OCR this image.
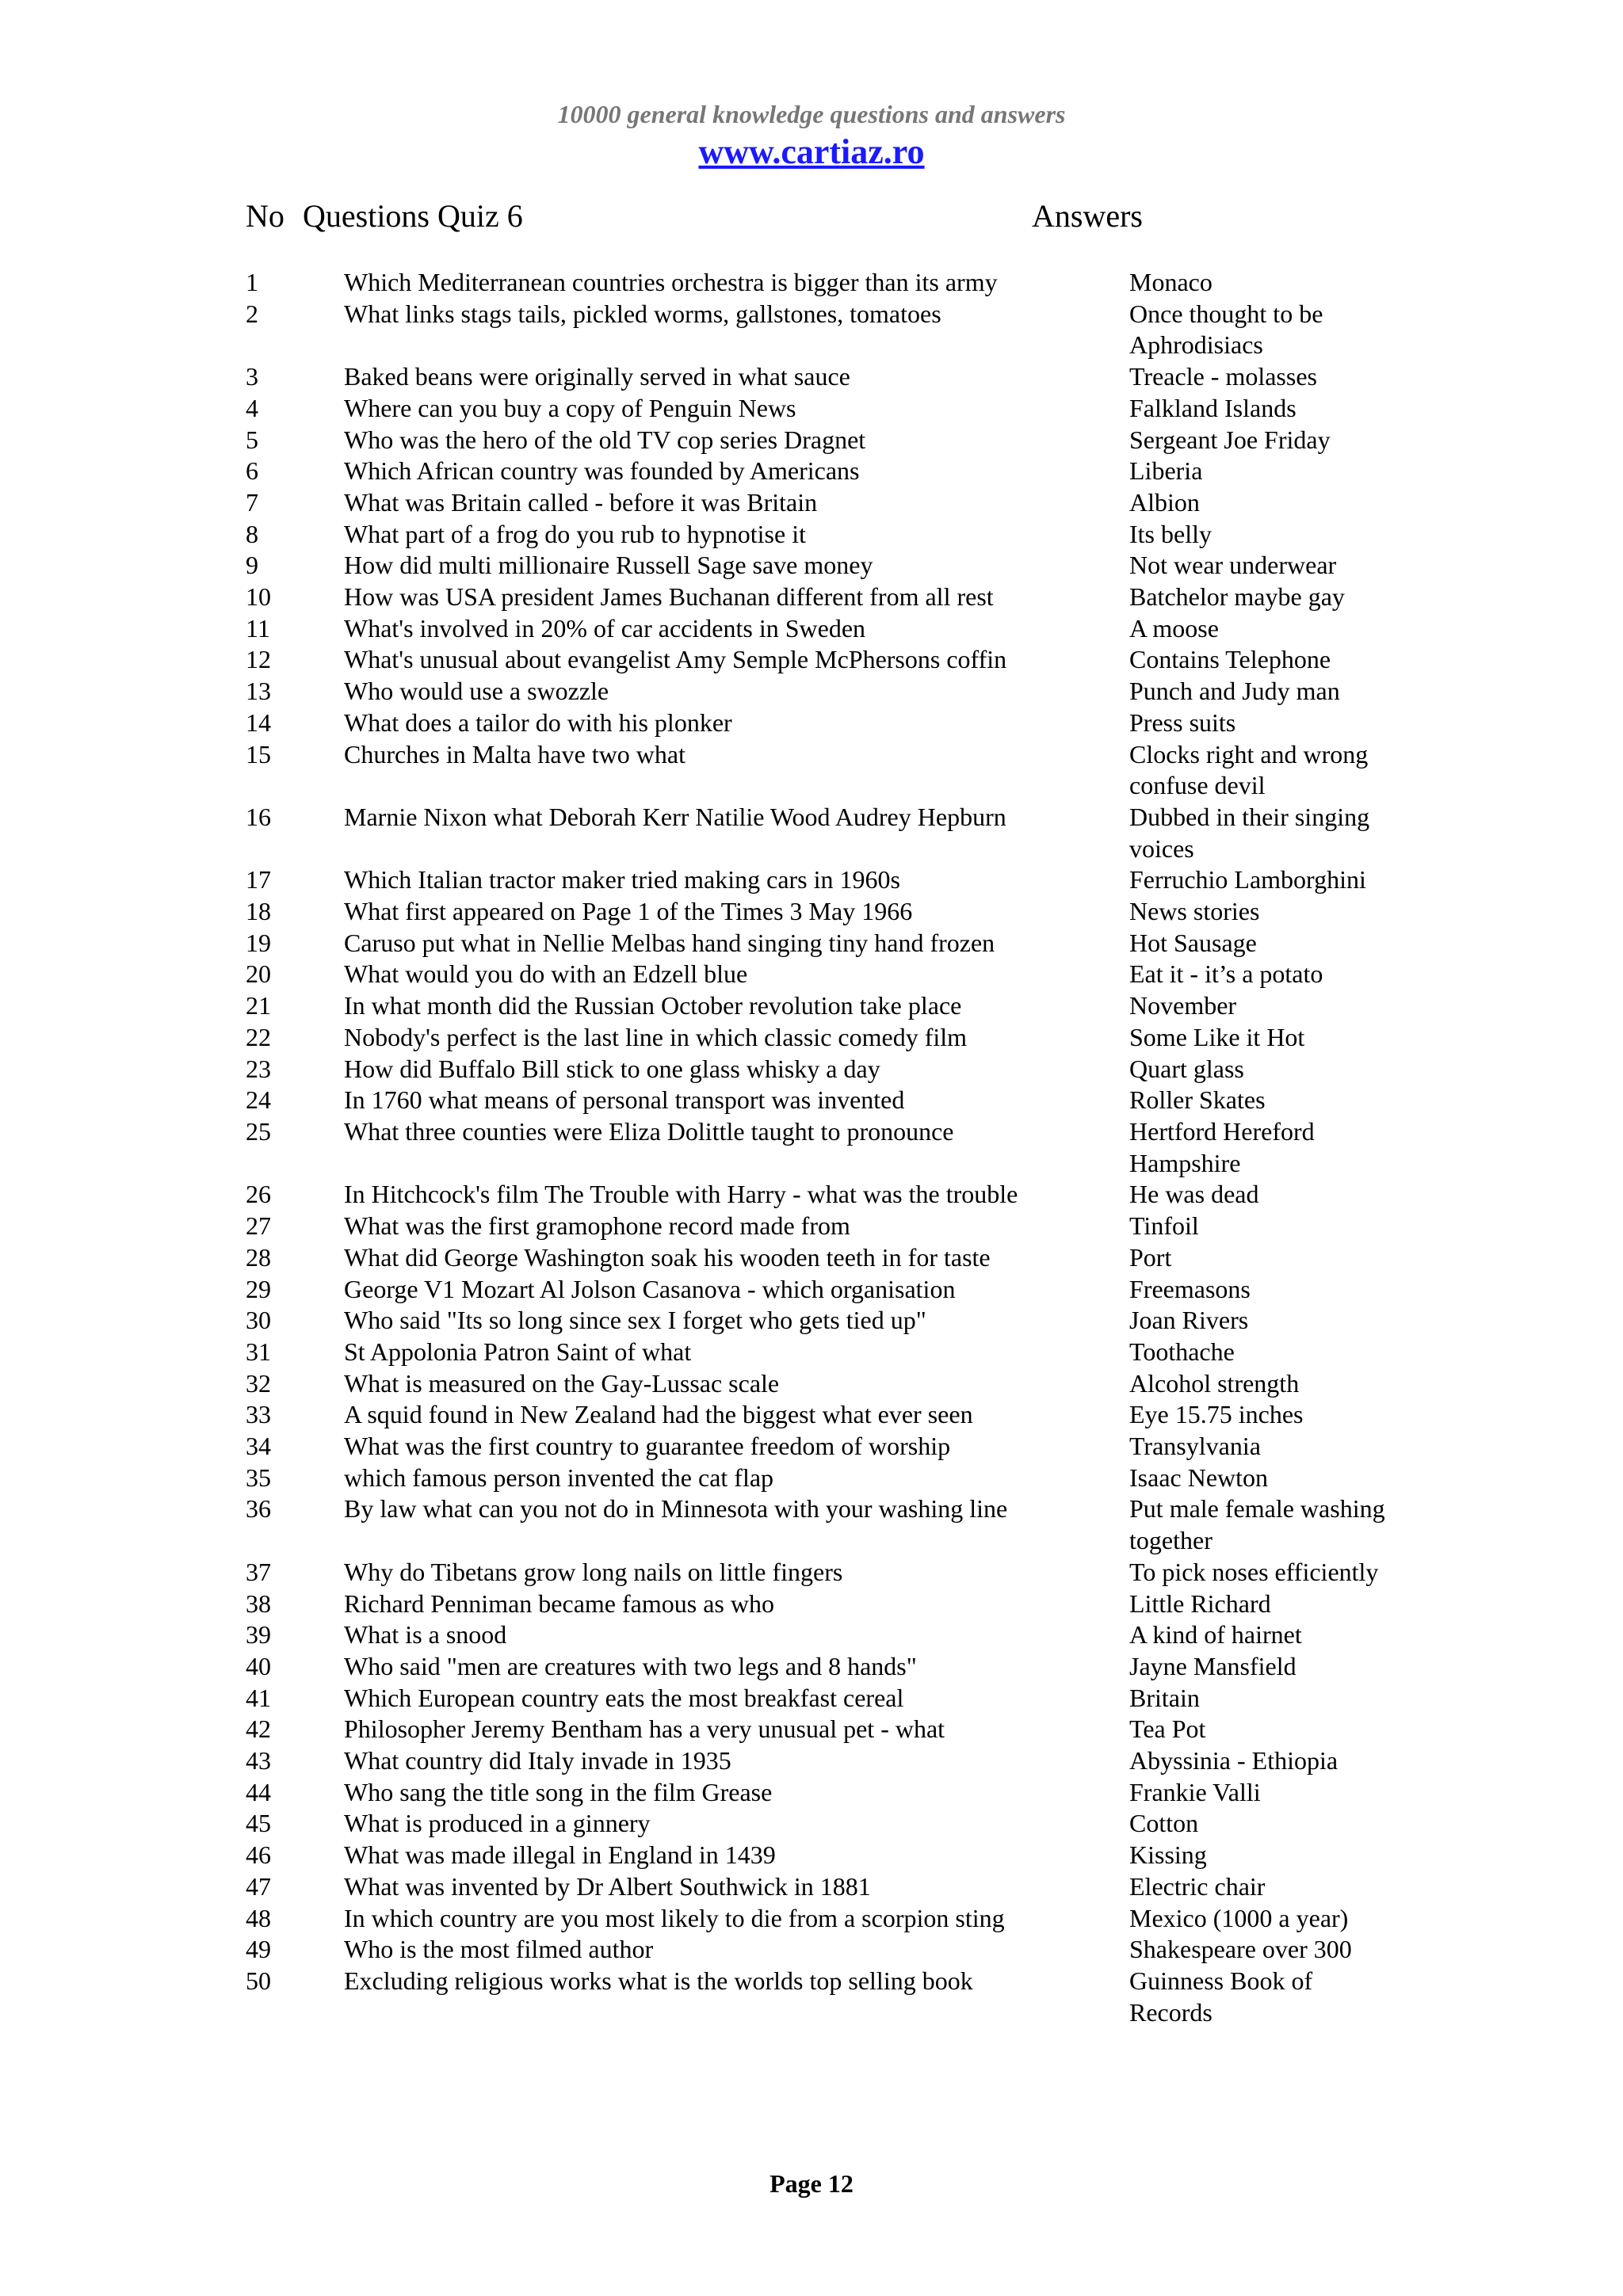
10000 general knowledge questions and answers
www.cartiaz.ro
No Questions Quiz 6	Answers
1	Which Mediterranean countries orchestra is bigger than its army	Monaco
2	What links stags tails, pickled worms, gallstones, tomatoes	Once thought to be Aphrodisiacs
3	Baked beans were originally served in what sauce	Treacle - molasses
4	Where can you buy a copy of Penguin News	Falkland Islands
5	Who was the hero of the old TV cop series Dragnet	Sergeant Joe Friday
6	Which African country was founded by Americans	Liberia
7	What was Britain called - before it was Britain	Albion
8	What part of a frog do you rub to hypnotise it	Its belly
9	How did multi millionaire Russell Sage save money	Not wear underwear
10	How was USA president James Buchanan different from all rest	Batchelor maybe gay
11	What's involved in 20% of car accidents in Sweden	A moose
12	What's unusual about evangelist Amy Semple McPhersons coffin	Contains Telephone
13	Who would use a swozzle	Punch and Judy man
14	What does a tailor do with his plonker	Press suits
15	Churches in Malta have two what	Clocks right and wrong confuse devil
16	Marnie Nixon what Deborah Kerr Natilie Wood Audrey Hepburn	Dubbed in their singing voices
17	Which Italian tractor maker tried making cars in 1960s	Ferruchio Lamborghini
18	What first appeared on Page 1 of the Times 3 May 1966	News stories
19	Caruso put what in Nellie Melbas hand singing tiny hand frozen	Hot Sausage
20	What would you do with an Edzell blue	Eat it - it’s a potato
21	In what month did the Russian October revolution take place	November
22	Nobody's perfect is the last line in which classic comedy film	Some Like it Hot
23	How did Buffalo Bill stick to one glass whisky a day	Quart glass
24	In 1760 what means of personal transport was invented	Roller Skates
25	What three counties were Eliza Dolittle taught to pronounce	Hertford Hereford Hampshire
26	In Hitchcock's film The Trouble with Harry - what was the trouble	He was dead
27	What was the first gramophone record made from	Tinfoil
28	What did George Washington soak his wooden teeth in for taste	Port
29	George V1 Mozart Al Jolson Casanova - which organisation	Freemasons
30	Who said "Its so long since sex I forget who gets tied up"	Joan Rivers
31	St Appolonia Patron Saint of what	Toothache
32	What is measured on the Gay-Lussac scale	Alcohol strength
33	A squid found in New Zealand had the biggest what ever seen	Eye 15.75 inches
34	What was the first country to guarantee freedom of worship	Transylvania
35	which famous person invented the cat flap	Isaac Newton
36	By law what can you not do in Minnesota with your washing line	Put male female washing together
37	Why do Tibetans grow long nails on little fingers	To pick noses efficiently
38	Richard Penniman became famous as who	Little Richard
39	What is a snood	A kind of hairnet
40	Who said "men are creatures with two legs and 8 hands"	Jayne Mansfield
41	Which European country eats the most breakfast cereal	Britain
42	Philosopher Jeremy Bentham has a very unusual pet - what	Tea Pot
43	What country did Italy invade in 1935	Abyssinia - Ethiopia
44	Who sang the title song in the film Grease	Frankie Valli
45	What is produced in a ginnery	Cotton
46	What was made illegal in England in 1439	Kissing
47	What was invented by Dr Albert Southwick in 1881	Electric chair
48	In which country are you most likely to die from a scorpion sting	Mexico (1000 a year)
49	Who is the most filmed author	Shakespeare over 300
50	Excluding religious works what is the worlds top selling book	Guinness Book of Records
Page 12
